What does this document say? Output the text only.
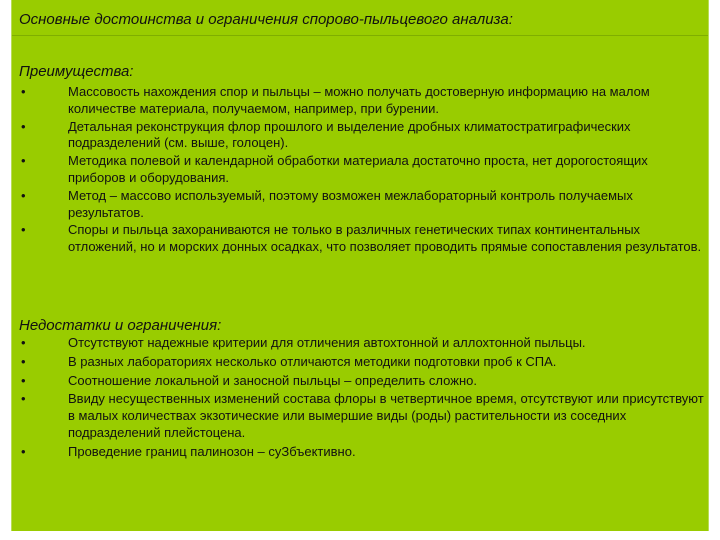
Основные достоинства и ограничения спорово-пыльцевого анализа:
Преимущества:
•	Массовость нахождения спор и пыльцы – можно получать достоверную информацию на малом количестве материала, получаемом, например, при бурении.
•	Детальная реконструкция флор прошлого и выделение дробных климатостратиграфических подразделений (см. выше, голоцен).
•	Методика полевой и календарной обработки материала достаточно проста, нет дорогостоящих приборов и оборудования.
•	Метод – массово используемый, поэтому возможен межлабораторный контроль получаемых результатов.
•	Споры и пыльца захораниваются не только в различных генетических типах континентальных отложений, но и морских донных осадках, что позволяет проводить прямые сопоставления результатов.
Недостатки и ограничения:
•	Отсутствуют надежные критерии для отличения автохтонной и аллохтонной пыльцы.
•	В разных лабораториях несколько отличаются методики подготовки проб к СПА.
•	Соотношение локальной и заносной пыльцы – определить сложно.
•	Ввиду несущественных изменений состава флоры в четвертичное время, отсутствуют или присутствуют в малых количествах экзотические или вымершие виды (роды) растительности из соседних подразделений плейстоцена.
•	Проведение границ палинозон – суЗбъективно.
